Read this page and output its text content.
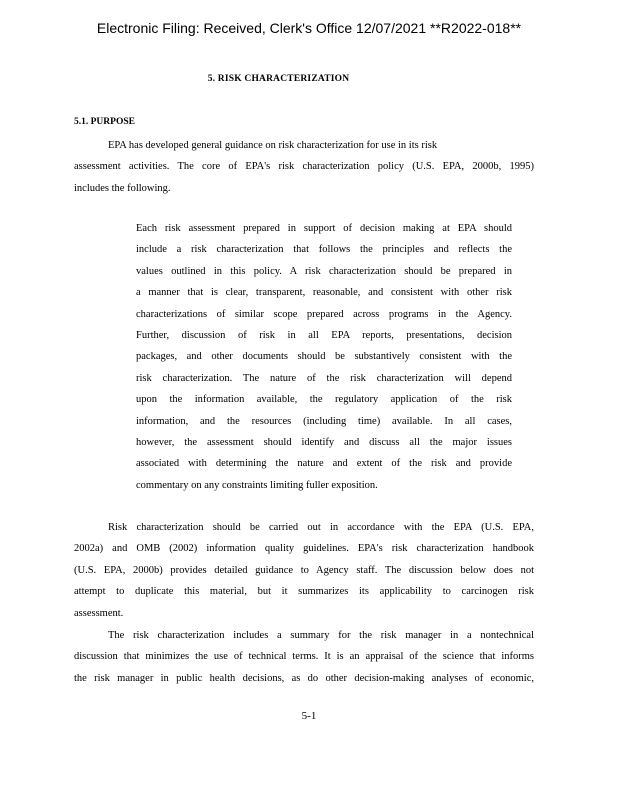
Electronic Filing: Received, Clerk's Office 12/07/2021 **R2022-018**
5. RISK CHARACTERIZATION
5.1. PURPOSE
EPA has developed general guidance on risk characterization for use in its risk
assessment activities. The core of EPA's risk characterization policy (U.S. EPA, 2000b, 1995)
includes the following.
Each risk assessment prepared in support of decision making at EPA should
include a risk characterization that follows the principles and reflects the
values outlined in this policy. A risk characterization should be prepared in
a manner that is clear, transparent, reasonable, and consistent with other risk
characterizations of similar scope prepared across programs in the Agency.
Further, discussion of risk in all EPA reports, presentations, decision
packages, and other documents should be substantively consistent with the
risk characterization. The nature of the risk characterization will depend
upon the information available, the regulatory application of the risk
information, and the resources (including time) available. In all cases,
however, the assessment should identify and discuss all the major issues
associated with determining the nature and extent of the risk and provide
commentary on any constraints limiting fuller exposition.
Risk characterization should be carried out in accordance with the EPA (U.S. EPA,
2002a) and OMB (2002) information quality guidelines. EPA's risk characterization handbook
(U.S. EPA, 2000b) provides detailed guidance to Agency staff. The discussion below does not
attempt to duplicate this material, but it summarizes its applicability to carcinogen risk
assessment.
The risk characterization includes a summary for the risk manager in a nontechnical
discussion that minimizes the use of technical terms. It is an appraisal of the science that informs
the risk manager in public health decisions, as do other decision-making analyses of economic,
5-1
